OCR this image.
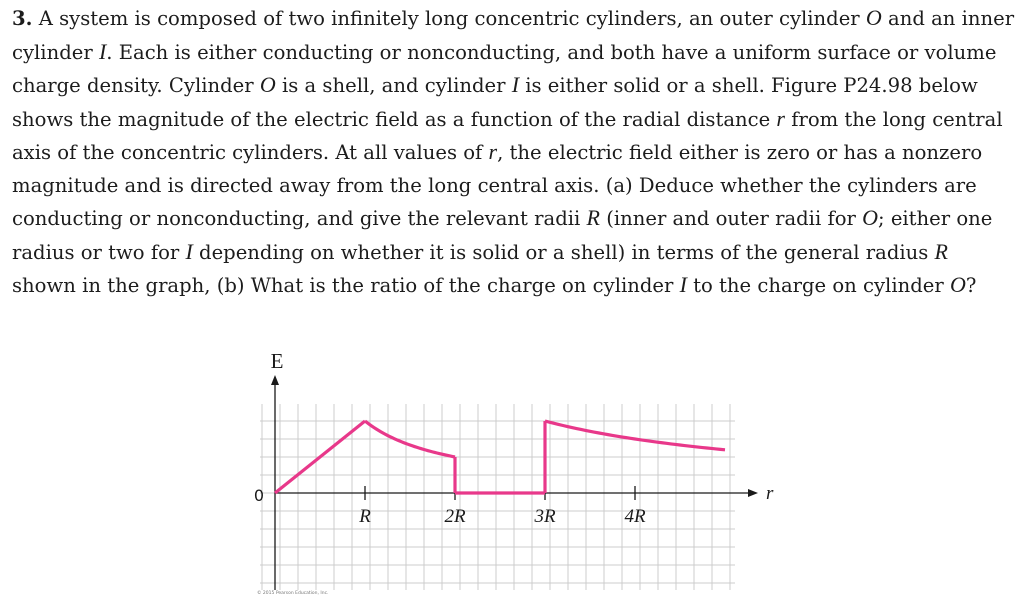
3. A system is composed of two infinitely long concentric cylinders, an outer cylinder O and an inner cylinder I. Each is either conducting or nonconducting, and both have a uniform surface or volume charge density. Cylinder O is a shell, and cylinder I is either solid or a shell. Figure P24.98 below shows the magnitude of the electric field as a function of the radial distance r from the long central axis of the concentric cylinders. At all values of r, the electric field either is zero or has a nonzero magnitude and is directed away from the long central axis. (a) Deduce whether the cylinders are conducting or nonconducting, and give the relevant radii R (inner and outer radii for O; either one radius or two for I depending on whether it is solid or a shell) in terms of the general radius R shown in the graph, (b) What is the ratio of the charge on cylinder I to the charge on cylinder O?
R	2R	3R	4R
E
r
0
© 2015 Pearson Education, Inc.
